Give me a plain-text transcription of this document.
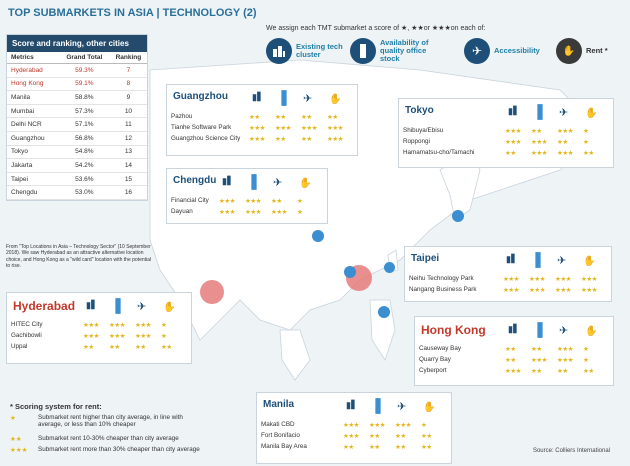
TOP SUBMARKETS IN ASIA | TECHNOLOGY (2)
We assign each TMT submarket a score of ★, ★★or ★★★on each of:
Existing tech cluster
Availability of quality office stock
✈ Accessibility	✋ Rent *
Score and ranking, other cities
Metrics	Grand Total	Ranking
Hyderabad	59.3%	7
Hong Kong	59.1%	8
Manila	58.8%	9
Mumbai	57.3%	10
Delhi NCR	57.1%	11
Guangzhou	56.8%	12
Tokyo	54.8%	13
Jakarta	54.2%	14
Taipei	53.6%	15
Chengdu	53.0%	16
From "Top Locations in Asia – Technology Sector" (10 September 2018). We saw Hyderabad as an attractive alternative location choice, and Hong Kong as a "wild card" location with the potential to rise.
Guangzhou	✈	✋
Pazhou	★★ ★★ ★★ ★★
Tianhe Software Park	★★★ ★★★ ★★★ ★★★
Guangzhou Science City ★★★ ★★ ★★ ★★★
Chengdu	✈	✋
Financial City ★★★ ★★★ ★★ ★
Dayuan	★★★ ★★★ ★★★ ★
Tokyo	✈	✋
Shibuya/Ebisu	★★★ ★★ ★★★ ★
Roppongi	★★★ ★★★ ★★ ★
Hamamatsu-cho/Tamachi	★★ ★★★ ★★★ ★★
Taipei	✈	✋
Neihu Technology Park	★★★ ★★★ ★★★ ★★★
Nangang Business Park	★★★ ★★★ ★★★ ★★★
Hyderabad	✈	✋
HITEC City	★★★ ★★★ ★★★ ★
Gachibowli	★★★ ★★★ ★★★ ★
Uppal	★★ ★★ ★★ ★★
Hong Kong	✈	✋
Causeway Bay	★★ ★★ ★★★ ★
Quarry Bay	★★ ★★★ ★★★ ★
Cyberport	★★★ ★★ ★★ ★★
Manila	✈	✋
Makati CBD	★★★ ★★★ ★★★ ★
Fort Bonifacio	★★★ ★★ ★★ ★★
Manila Bay Area	★★ ★★ ★★ ★★
* Scoring system for rent:
★	Submarket rent higher than city average, in line with average, or less than 10% cheaper
★★	Submarket rent 10-30% cheaper than city average
★★★	Submarket rent more than 30% cheaper than city average	Source: Colliers International
